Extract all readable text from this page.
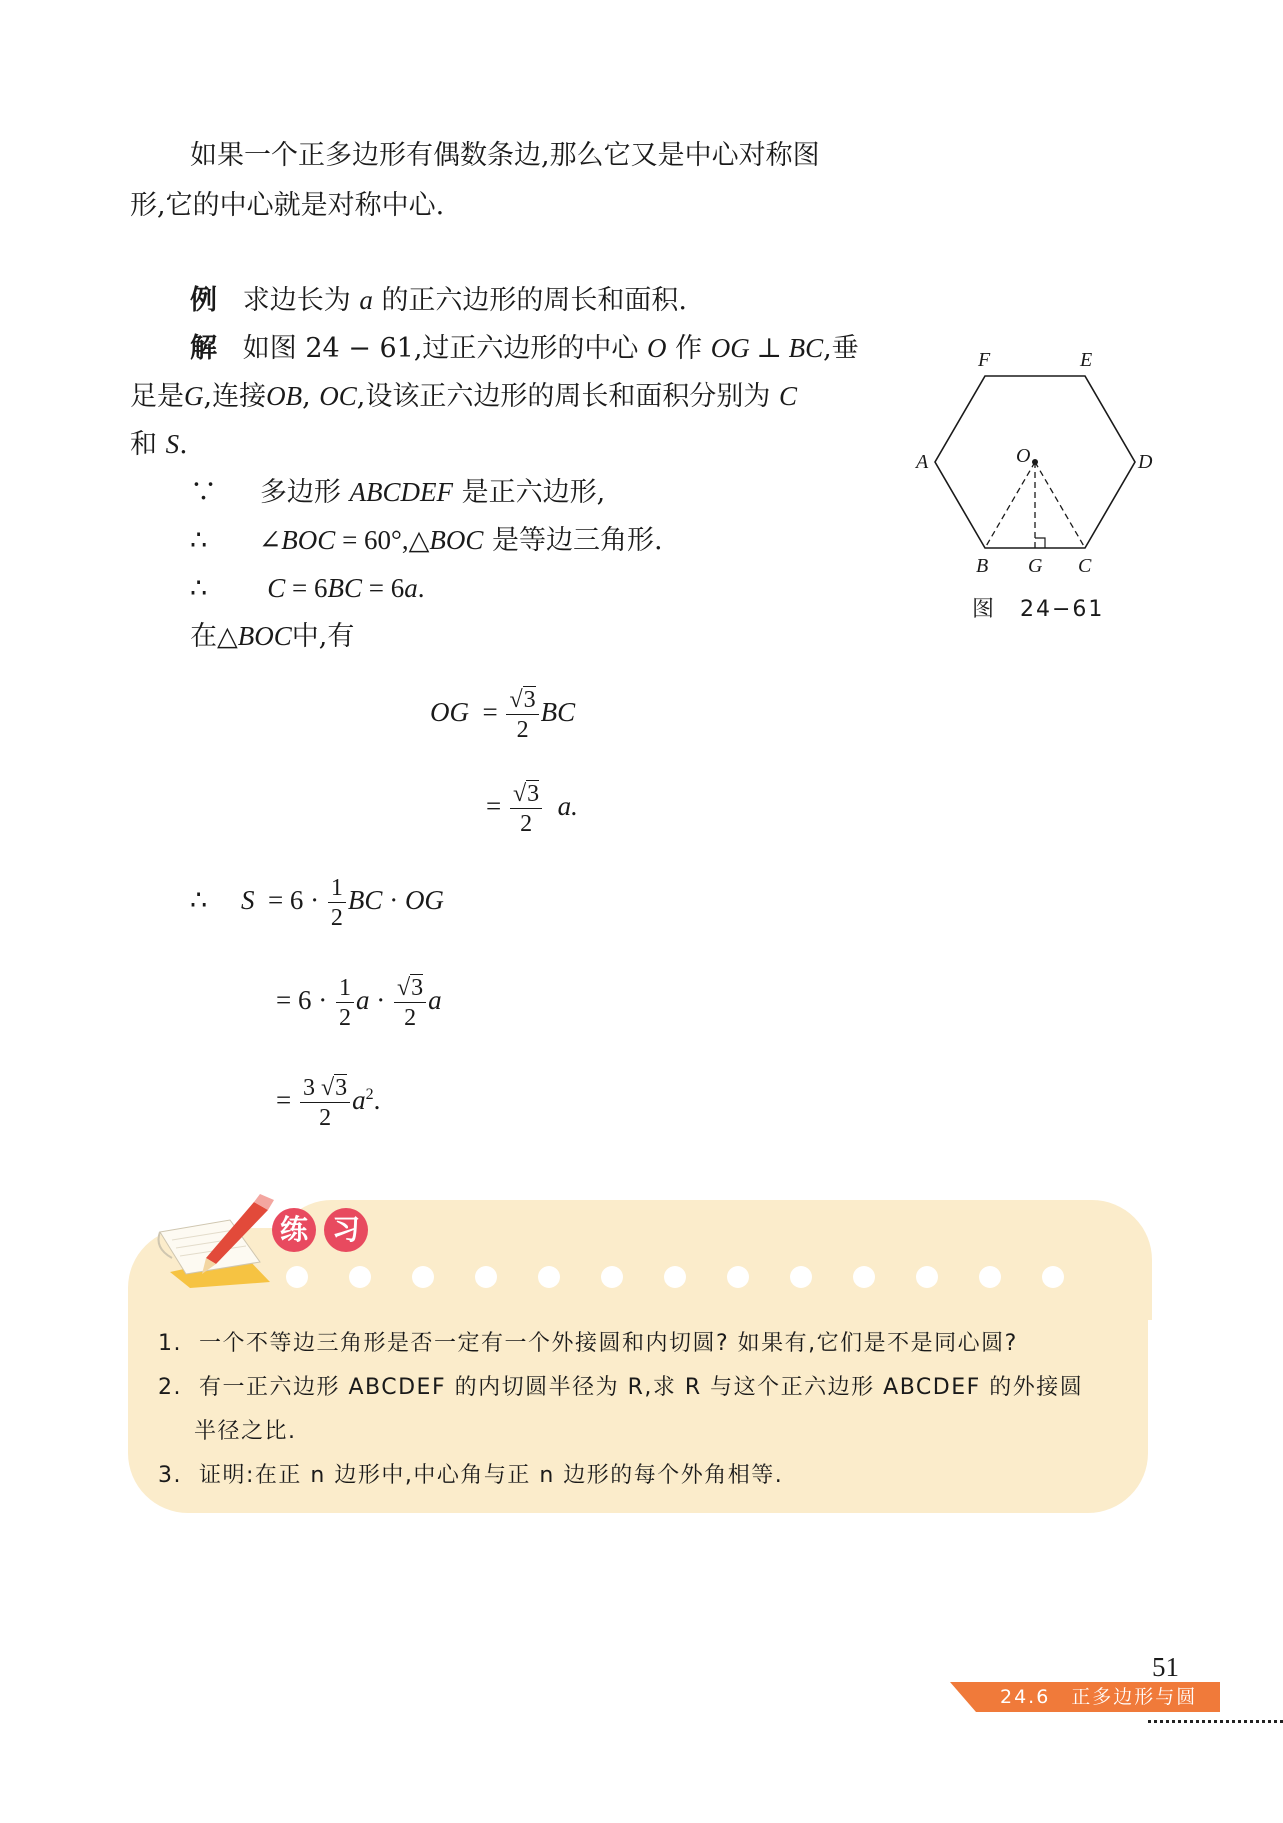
如果一个正多边形有偶数条边,那么它又是中心对称图
形,它的中心就是对称中心.
例 求边长为 a 的正六边形的周长和面积.
解 如图 24 − 61,过正六边形的中心 O 作 OG ⊥ BC,垂
足是G,连接OB, OC,设该正六边形的周长和面积分别为 C
和 S.
∵ 多边形 ABCDEF 是正六边形,
∴ ∠BOC = 60°,△BOC 是等边三角形.
∴ C = 6BC = 6a.
在△BOC中,有
OG = $\frac{√3}{2}$ BC
= $\frac{√3}{2} a$.
∴ $S = 6 \cdot \frac{1}{2}$ BC · OG
= $6 \cdot \frac{1}{2}$ $a \cdot \frac{√3}{2}$ a
= $\frac{3 √3}{2} a^2$.
F	E
A	D
O
B G C
图　24−61
练 习
1. 一个不等边三角形是否一定有一个外接圆和内切圆? 如果有,它们是不是同心圆?
2. 有一正六边形 ABCDEF 的内切圆半径为 R,求 R 与这个正六边形 ABCDEF 的外接圆
半径之比.
3. 证明:在正 n 边形中,中心角与正 n 边形的每个外角相等.
51
24.6　正多边形与圆
